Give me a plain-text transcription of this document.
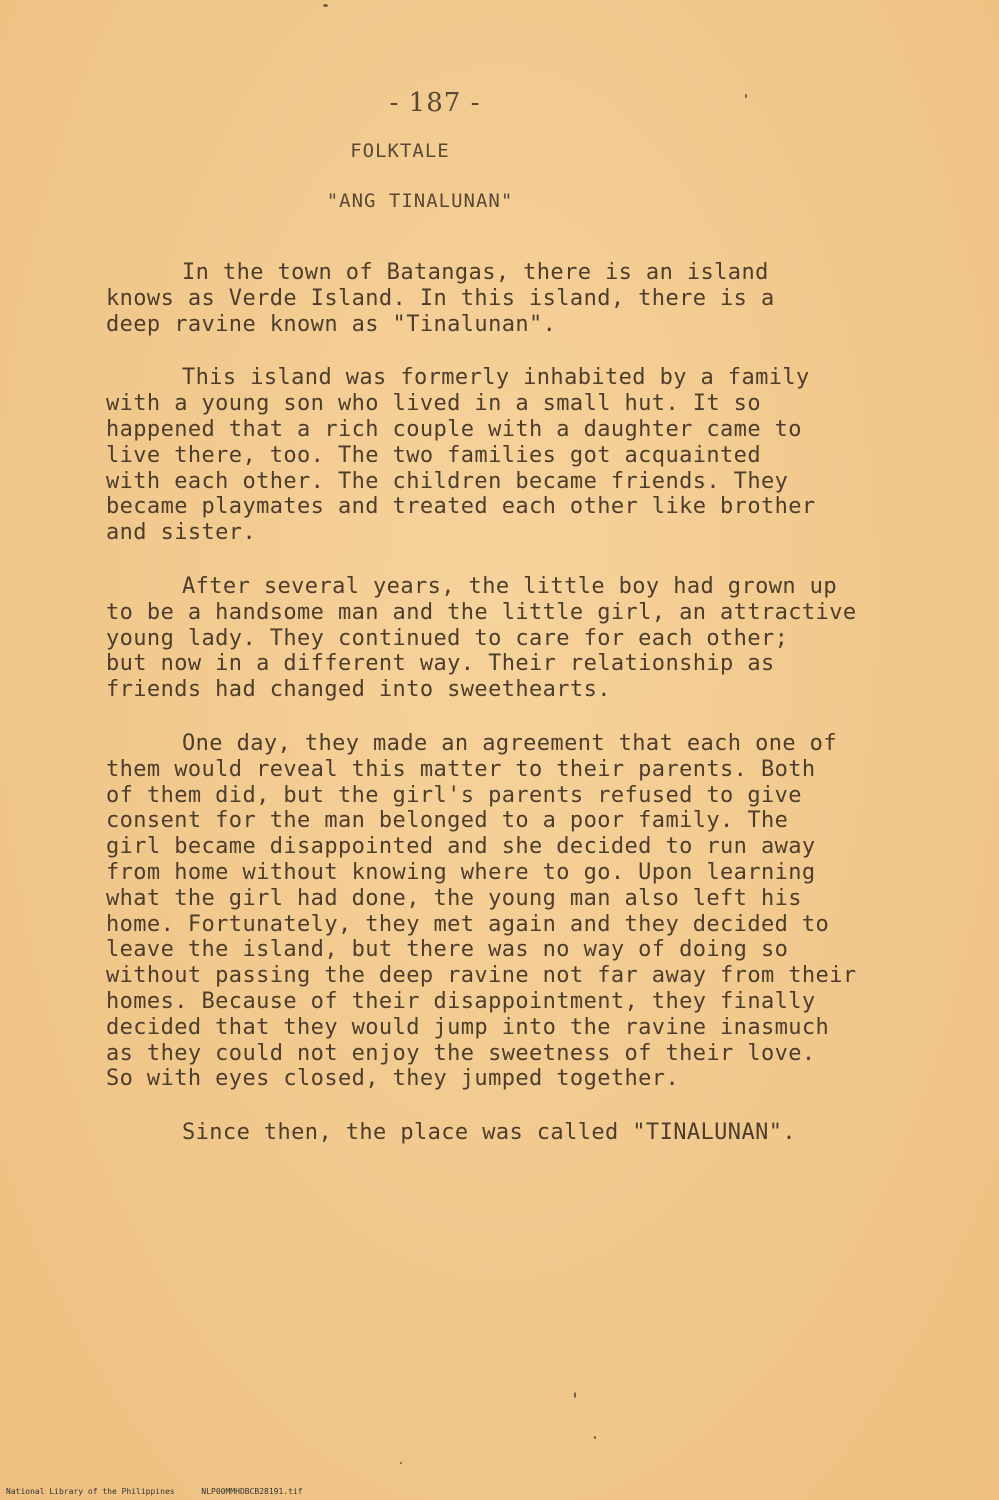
- 187 -
FOLKTALE
"ANG TINALUNAN"

In the town of Batangas, there is an island
knows as Verde Island. In this island, there is a
deep ravine known as "Tinalunan".

This island was formerly inhabited by a family
with a young son who lived in a small hut. It so
happened that a rich couple with a daughter came to
live there, too. The two families got acquainted
with each other. The children became friends. They
became playmates and treated each other like brother
and sister.

After several years, the little boy had grown up
to be a handsome man and the little girl, an attractive
young lady. They continued to care for each other;
but now in a different way. Their relationship as
friends had changed into sweethearts.

One day, they made an agreement that each one of
them would reveal this matter to their parents. Both
of them did, but the girl's parents refused to give
consent for the man belonged to a poor family. The
girl became disappointed and she decided to run away
from home without knowing where to go. Upon learning
what the girl had done, the young man also left his
home. Fortunately, they met again and they decided to
leave the island, but there was no way of doing so
without passing the deep ravine not far away from their
homes. Because of their disappointment, they finally
decided that they would jump into the ravine inasmuch
as they could not enjoy the sweetness of their love.
So with eyes closed, they jumped together.

Since then, the place was called "TINALUNAN".

National Library of the Philippines	NLP00MMHDBCB28191.tif
